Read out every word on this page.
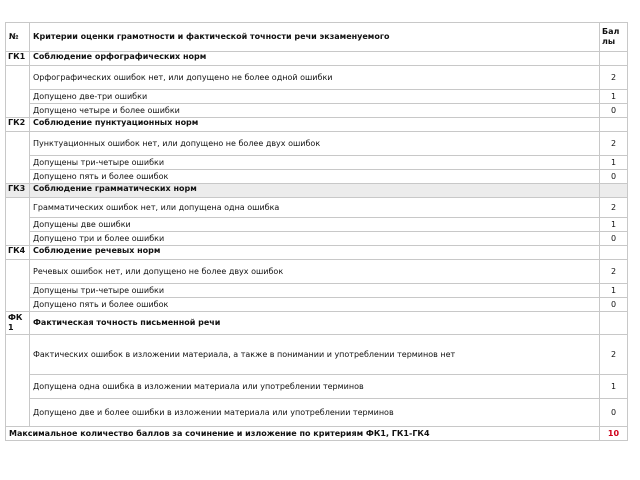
№	Критерии оценки грамотности и фактической точности речи экзаменуемого	Баллы
ГК1	Соблюдение орфографических норм	
	Орфографических ошибок нет, или допущено не более одной ошибки	2
	Допущено две-три ошибки	1
	Допущено четыре и более ошибки	0
ГК2	Соблюдение пунктуационных норм	
	Пунктуационных ошибок нет, или допущено не более двух ошибок	2
	Допущены три-четыре ошибки	1
	Допущено пять и более ошибок	0
ГК3	Соблюдение грамматических норм	
	Грамматических ошибок нет, или допущена одна ошибка	2
	Допущены две ошибки	1
	Допущено три и более ошибки	0
ГК4	Соблюдение речевых норм	
	Речевых ошибок нет, или допущено не более двух ошибок	2
	Допущены три-четыре ошибки	1
	Допущено пять и более ошибок	0
ФК1	Фактическая точность письменной речи	
	Фактических ошибок в изложении материала, а также в понимании и употреблении терминов нет	2
	Допущена одна ошибка в изложении материала или употреблении терминов	1
	Допущено две и более ошибки в изложении материала или употреблении терминов	0
Максимальное количество баллов за сочинение и изложение по критериям ФК1, ГК1-ГК4		10
